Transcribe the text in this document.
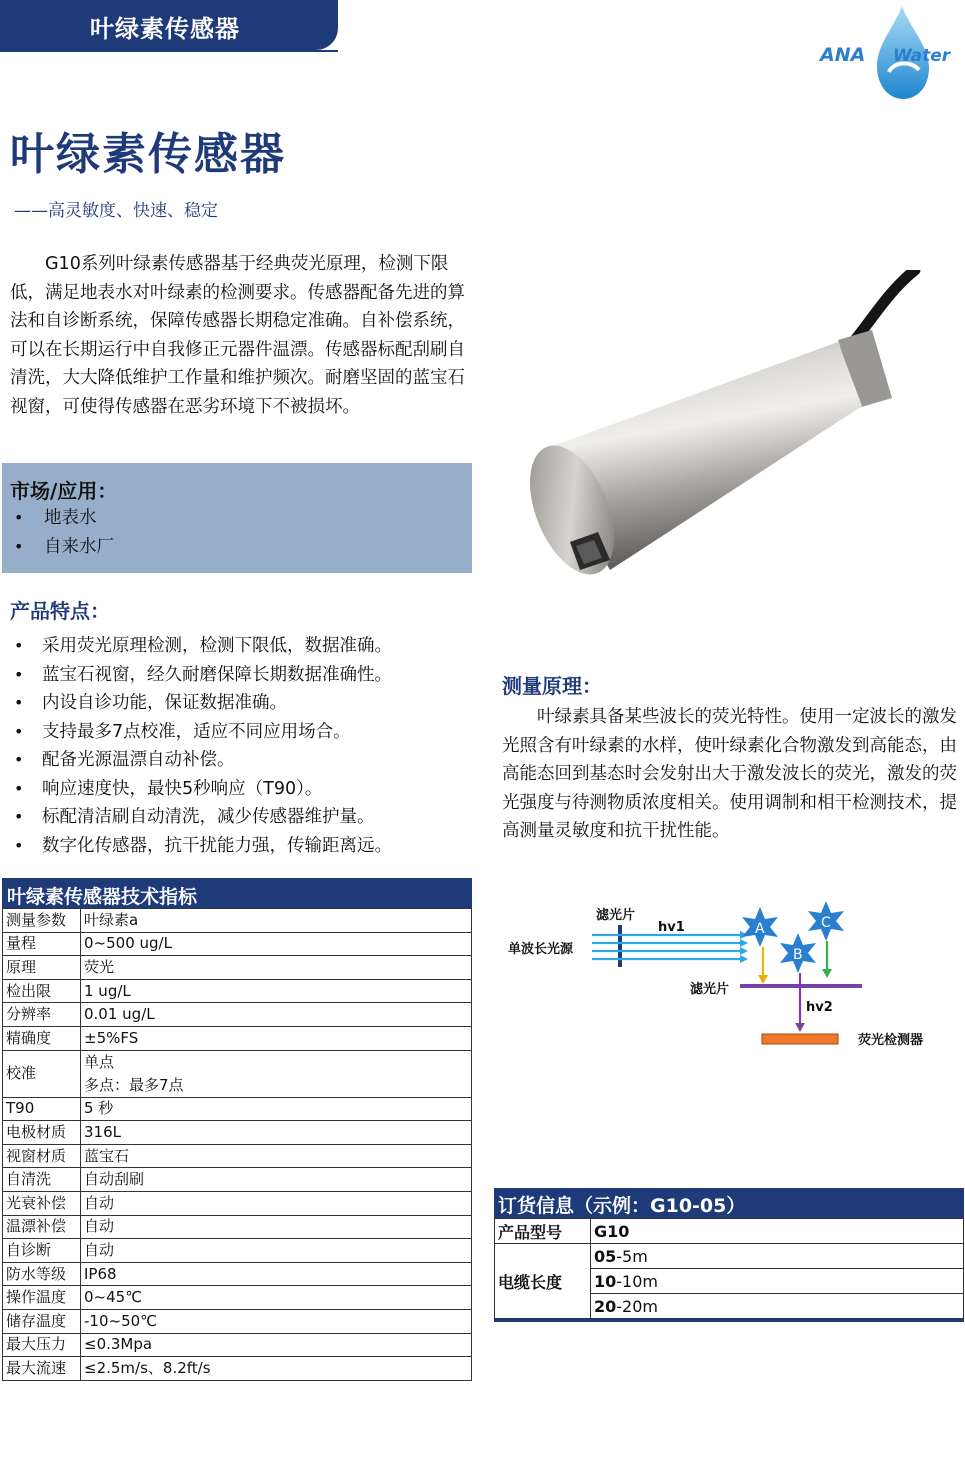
叶绿素传感器
ANA Water
叶绿素传感器
——高灵敏度、快速、稳定

G10系列叶绿素传感器基于经典荧光原理，检测下限低，满足地表水对叶绿素的检测要求。传感器配备先进的算法和自诊断系统，保障传感器长期稳定准确。自补偿系统，可以在长期运行中自我修正元器件温漂。传感器标配刮刷自清洗，大大降低维护工作量和维护频次。耐磨坚固的蓝宝石视窗，可使得传感器在恶劣环境下不被损坏。

市场/应用：
• 地表水
• 自来水厂
产品特点：
• 采用荧光原理检测，检测下限低，数据准确。
• 蓝宝石视窗，经久耐磨保障长期数据准确性。
• 内设自诊功能，保证数据准确。
• 支持最多7点校准，适应不同应用场合。
• 配备光源温漂自动补偿。
• 响应速度快，最快5秒响应（T90）。
• 标配清洁刷自动清洗，减少传感器维护量。
• 数字化传感器，抗干扰能力强，传输距离远。
测量原理：

叶绿素具备某些波长的荧光特性。使用一定波长的激发光照含有叶绿素的水样，使叶绿素化合物激发到高能态，由高能态回到基态时会发射出大于激发波长的荧光，激发的荧光强度与待测物质浓度相关。使用调制和相干检测技术，提高测量灵敏度和抗干扰性能。

单波长光源
滤光片
hv1	A
B
C
滤光片
hv2
荧光检测器
叶绿素传感器技术指标
测量参数	叶绿素a
量程	0~500 ug/L
原理	荧光
检出限	1 ug/L
分辨率	0.01 ug/L
精确度	±5%FS
校准	单点
多点：最多7点

T90	5 秒
电极材质	316L
视窗材质	蓝宝石
自清洗	自动刮刷
光衰补偿	自动
温漂补偿	自动
自诊断	自动
防水等级	IP68
操作温度	0~45℃
储存温度	-10~50℃
最大压力	≤0.3Mpa
最大流速	≤2.5m/s、8.2ft/s
订货信息（示例：G10-05）
产品型号	G10
电缆长度	05-5m
	10-10m
	20-20m
